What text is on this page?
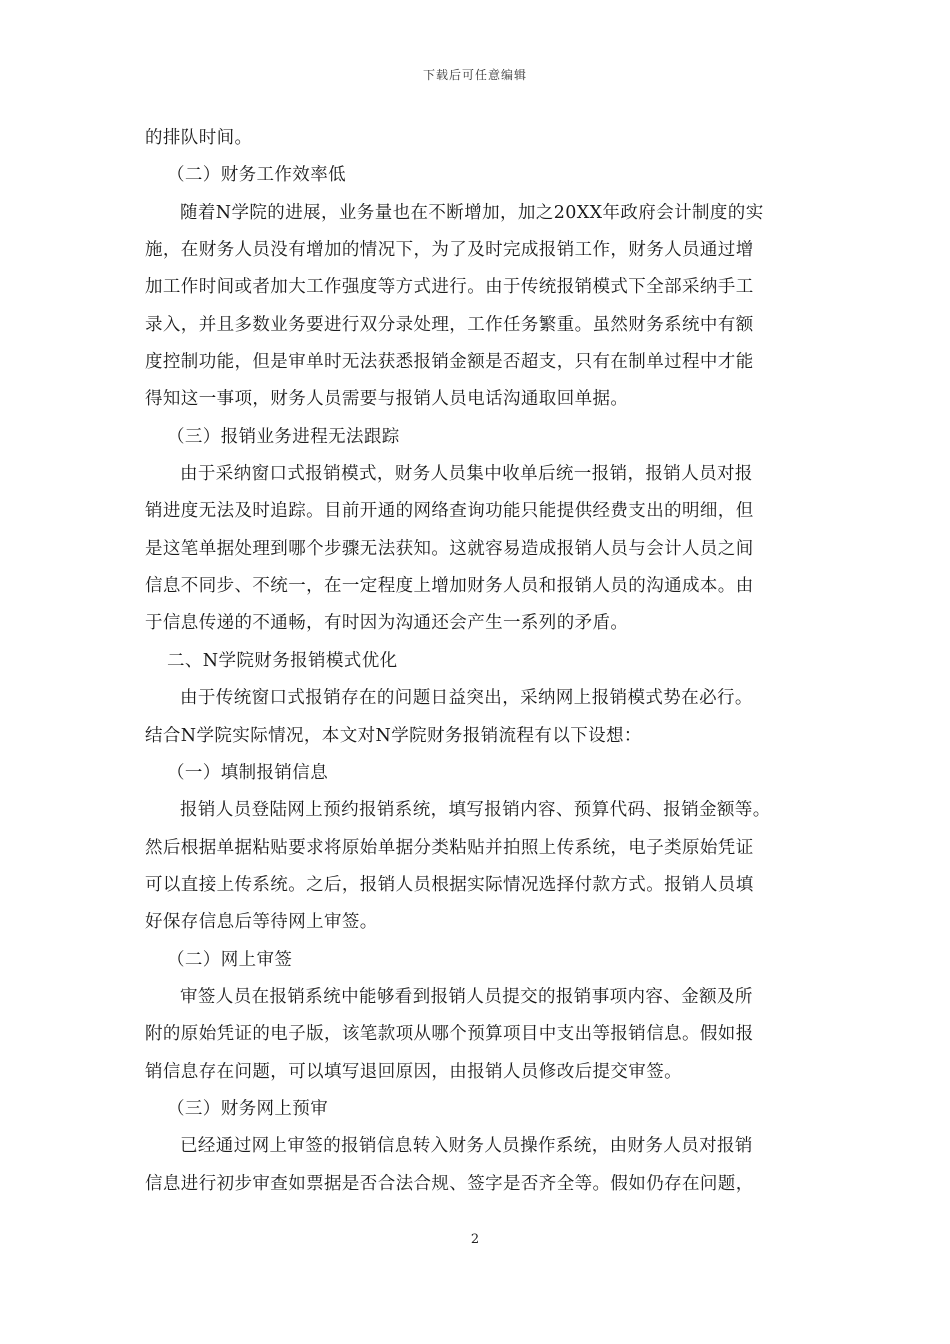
下载后可任意编辑
的排队时间。
（二）财务工作效率低
随着N学院的进展，业务量也在不断增加，加之20XX年政府会计制度的实
施，在财务人员没有增加的情况下，为了及时完成报销工作，财务人员通过增
加工作时间或者加大工作强度等方式进行。由于传统报销模式下全部采纳手工
录入，并且多数业务要进行双分录处理，工作任务繁重。虽然财务系统中有额
度控制功能，但是审单时无法获悉报销金额是否超支，只有在制单过程中才能
得知这一事项，财务人员需要与报销人员电话沟通取回单据。
（三）报销业务进程无法跟踪
由于采纳窗口式报销模式，财务人员集中收单后统一报销，报销人员对报
销进度无法及时追踪。目前开通的网络查询功能只能提供经费支出的明细，但
是这笔单据处理到哪个步骤无法获知。这就容易造成报销人员与会计人员之间
信息不同步、不统一，在一定程度上增加财务人员和报销人员的沟通成本。由
于信息传递的不通畅，有时因为沟通还会产生一系列的矛盾。
二、N学院财务报销模式优化
由于传统窗口式报销存在的问题日益突出，采纳网上报销模式势在必行。
结合N学院实际情况，本文对N学院财务报销流程有以下设想：
（一）填制报销信息
报销人员登陆网上预约报销系统，填写报销内容、预算代码、报销金额等。
然后根据单据粘贴要求将原始单据分类粘贴并拍照上传系统，电子类原始凭证
可以直接上传系统。之后，报销人员根据实际情况选择付款方式。报销人员填
好保存信息后等待网上审签。
（二）网上审签
审签人员在报销系统中能够看到报销人员提交的报销事项内容、金额及所
附的原始凭证的电子版，该笔款项从哪个预算项目中支出等报销信息。假如报
销信息存在问题，可以填写退回原因，由报销人员修改后提交审签。
（三）财务网上预审
已经通过网上审签的报销信息转入财务人员操作系统，由财务人员对报销
信息进行初步审查如票据是否合法合规、签字是否齐全等。假如仍存在问题，
2
